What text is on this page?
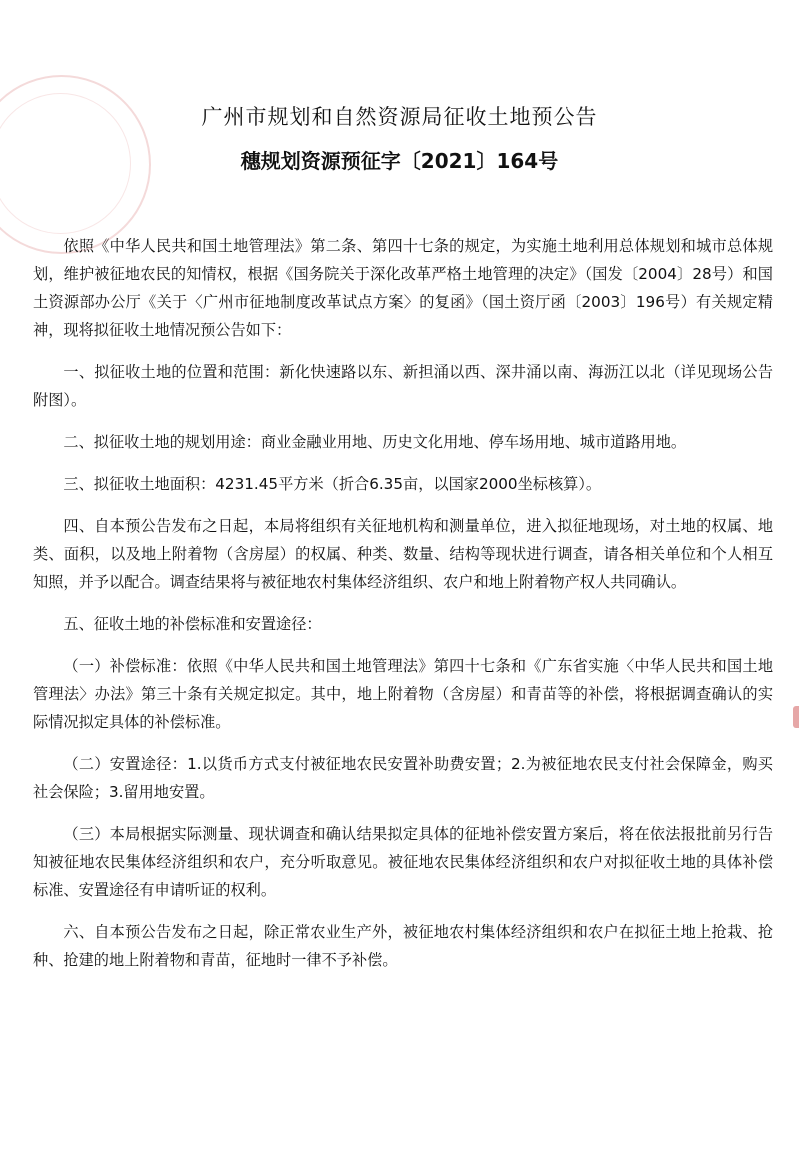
广州市规划和自然资源局征收土地预公告
穗规划资源预征字〔2021〕164号

依照《中华人民共和国土地管理法》第二条、第四十七条的规定，为实施土地利用总体规划和城市总体规划，维护被征地农民的知情权，根据《国务院关于深化改革严格土地管理的决定》（国发〔2004〕28号）和国土资源部办公厅《关于〈广州市征地制度改革试点方案〉的复函》（国土资厅函〔2003〕196号）有关规定精神，现将拟征收土地情况预公告如下：

一、拟征收土地的位置和范围：新化快速路以东、新担涌以西、深井涌以南、海沥江以北（详见现场公告附图）。

二、拟征收土地的规划用途：商业金融业用地、历史文化用地、停车场用地、城市道路用地。

三、拟征收土地面积：4231.45平方米（折合6.35亩，以国家2000坐标核算）。

四、自本预公告发布之日起，本局将组织有关征地机构和测量单位，进入拟征地现场，对土地的权属、地类、面积，以及地上附着物（含房屋）的权属、种类、数量、结构等现状进行调查，请各相关单位和个人相互知照，并予以配合。调查结果将与被征地农村集体经济组织、农户和地上附着物产权人共同确认。

五、征收土地的补偿标准和安置途径：

（一）补偿标准：依照《中华人民共和国土地管理法》第四十七条和《广东省实施〈中华人民共和国土地管理法〉办法》第三十条有关规定拟定。其中，地上附着物（含房屋）和青苗等的补偿，将根据调查确认的实际情况拟定具体的补偿标准。

（二）安置途径：1.以货币方式支付被征地农民安置补助费安置；2.为被征地农民支付社会保障金，购买社会保险；3.留用地安置。

（三）本局根据实际测量、现状调查和确认结果拟定具体的征地补偿安置方案后，将在依法报批前另行告知被征地农民集体经济组织和农户，充分听取意见。被征地农民集体经济组织和农户对拟征收土地的具体补偿标准、安置途径有申请听证的权利。

六、自本预公告发布之日起，除正常农业生产外，被征地农村集体经济组织和农户在拟征土地上抢栽、抢种、抢建的地上附着物和青苗，征地时一律不予补偿。
